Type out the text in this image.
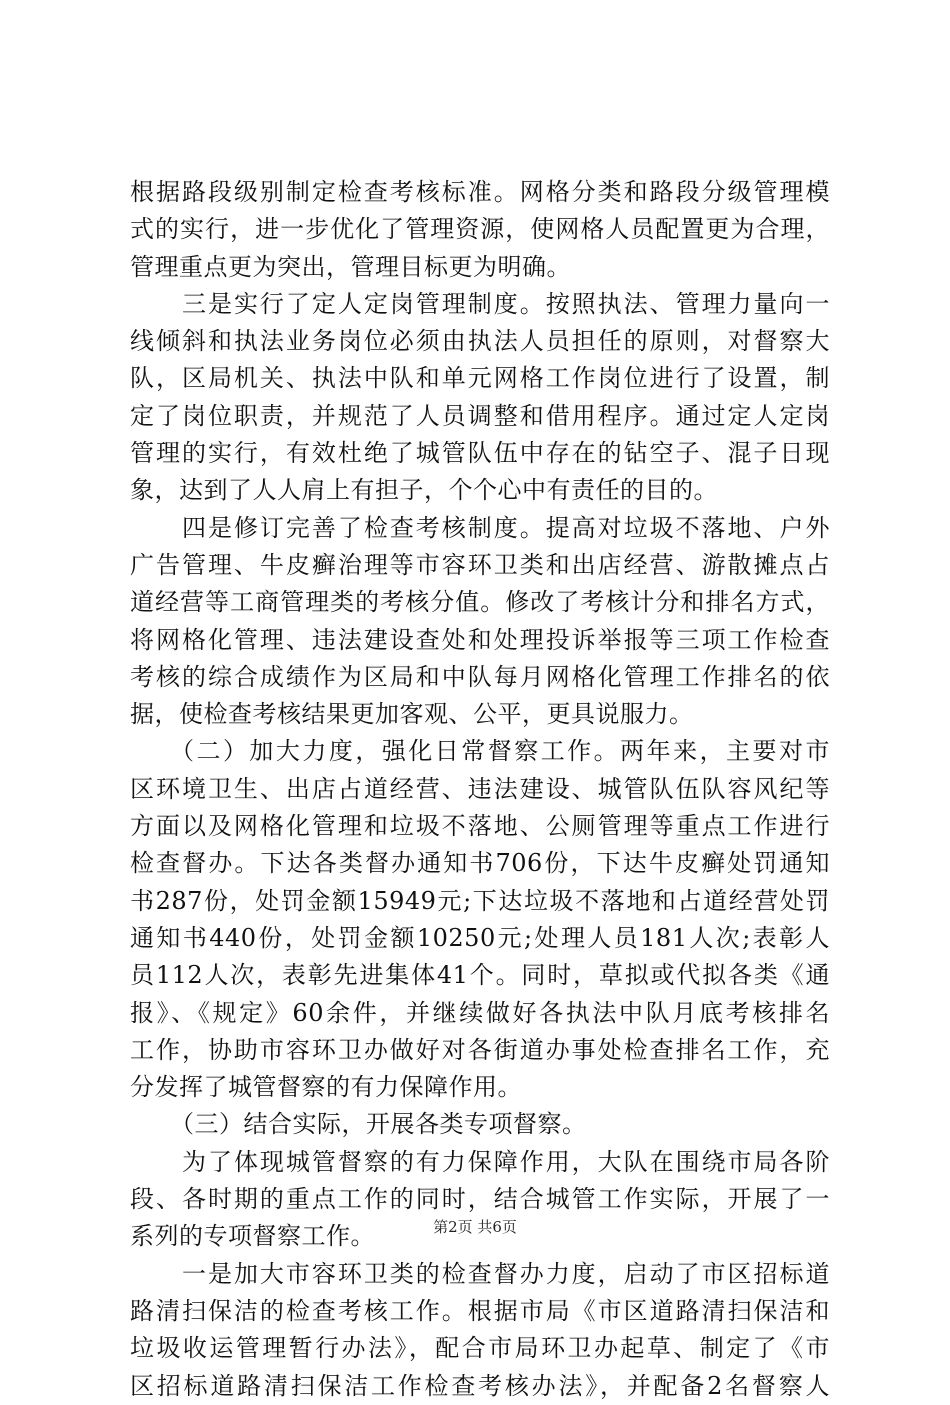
根据路段级别制定检查考核标准。网格分类和路段分级管理模
式的实行，进一步优化了管理资源，使网格人员配置更为合理，
管理重点更为突出，管理目标更为明确。
三是实行了定人定岗管理制度。按照执法、管理力量向一
线倾斜和执法业务岗位必须由执法人员担任的原则，对督察大
队，区局机关、执法中队和单元网格工作岗位进行了设置，制
定了岗位职责，并规范了人员调整和借用程序。通过定人定岗
管理的实行，有效杜绝了城管队伍中存在的钻空子、混子日现
象，达到了人人肩上有担子，个个心中有责任的目的。
四是修订完善了检查考核制度。提高对垃圾不落地、户外
广告管理、牛皮癣治理等市容环卫类和出店经营、游散摊点占
道经营等工商管理类的考核分值。修改了考核计分和排名方式，
将网格化管理、违法建设查处和处理投诉举报等三项工作检查
考核的综合成绩作为区局和中队每月网格化管理工作排名的依
据，使检查考核结果更加客观、公平，更具说服力。
（二）加大力度，强化日常督察工作。两年来，主要对市
区环境卫生、出店占道经营、违法建设、城管队伍队容风纪等
方面以及网格化管理和垃圾不落地、公厕管理等重点工作进行
检查督办。下达各类督办通知书706份，下达牛皮癣处罚通知
书287份，处罚金额15949元;下达垃圾不落地和占道经营处罚
通知书440份，处罚金额10250元;处理人员181人次;表彰人
员112人次，表彰先进集体41个。同时，草拟或代拟各类《通
报》、《规定》60余件，并继续做好各执法中队月底考核排名
工作，协助市容环卫办做好对各街道办事处检查排名工作，充
分发挥了城管督察的有力保障作用。
（三）结合实际，开展各类专项督察。
为了体现城管督察的有力保障作用，大队在围绕市局各阶
段、各时期的重点工作的同时，结合城管工作实际，开展了一
系列的专项督察工作。
一是加大市容环卫类的检查督办力度，启动了市区招标道
路清扫保洁的检查考核工作。根据市局《市区道路清扫保洁和
垃圾收运管理暂行办法》，配合市局环卫办起草、制定了《市
区招标道路清扫保洁工作检查考核办法》，并配备2名督察人
第2页 共6页
